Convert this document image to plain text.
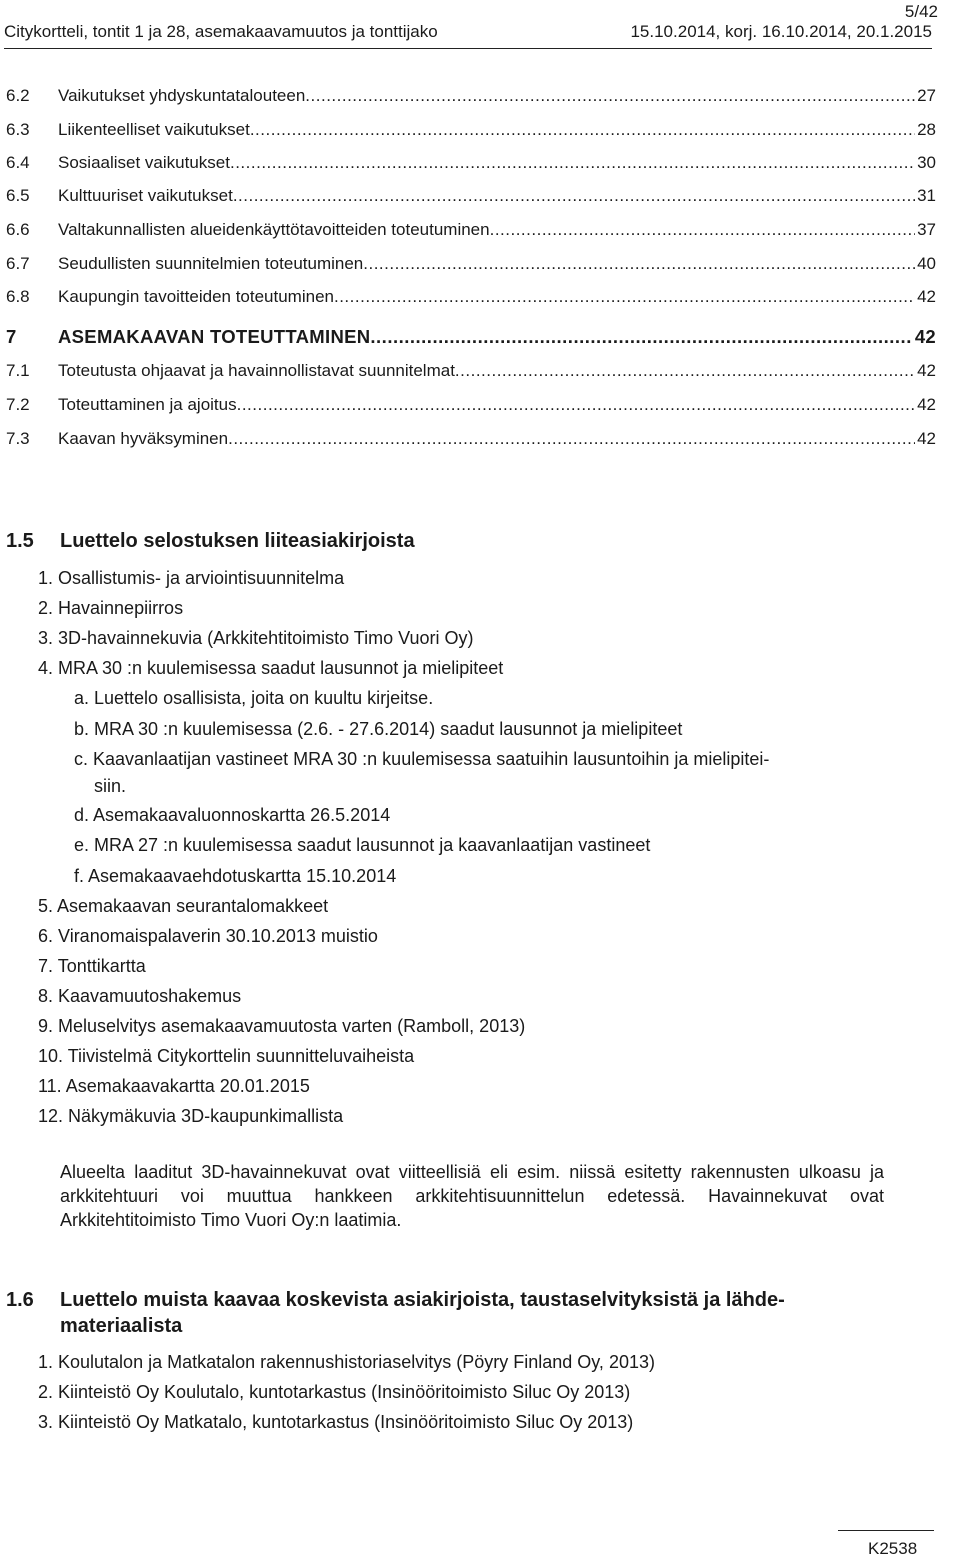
5/42
Citykortteli, tontit 1 ja 28, asemakaavamuutos ja tonttijako	15.10.2014, korj. 16.10.2014, 20.1.2015
6.2	Vaikutukset yhdyskuntatalouteen .....	27
6.3	Liikenteelliset vaikutukset .....	28
6.4	Sosiaaliset vaikutukset .....	30
6.5	Kulttuuriset vaikutukset .....	31
6.6	Valtakunnallisten alueidenkäyttötavoitteiden toteutuminen .....	37
6.7	Seudullisten suunnitelmien toteutuminen .....	40
6.8	Kaupungin tavoitteiden toteutuminen .....	42
7	ASEMAKAAVAN TOTEUTTAMINEN .....	42
7.1	Toteutusta ohjaavat ja havainnollistavat suunnitelmat .....	42
7.2	Toteuttaminen ja ajoitus .....	42
7.3	Kaavan hyväksyminen .....	42
1.5	Luettelo selostuksen liiteasiakirjoista
1. Osallistumis- ja arviointisuunnitelma
2. Havainnepiirros
3. 3D-havainnekuvia (Arkkitehtitoimisto Timo Vuori Oy)
4. MRA 30 :n kuulemisessa saadut lausunnot ja mielipiteet
a. Luettelo osallisista, joita on kuultu kirjeitse.
b. MRA 30 :n kuulemisessa (2.6. - 27.6.2014) saadut lausunnot ja mielipiteet
c. Kaavanlaatijan vastineet MRA 30 :n kuulemisessa saatuihin lausuntoihin ja mielipitei-
siin.
d. Asemakaavaluonnoskartta 26.5.2014
e. MRA 27 :n kuulemisessa saadut lausunnot ja kaavanlaatijan vastineet
f. Asemakaavaehdotuskartta 15.10.2014
5. Asemakaavan seurantalomakkeet
6. Viranomaispalaverin 30.10.2013 muistio
7. Tonttikartta
8. Kaavamuutoshakemus
9. Meluselvitys asemakaavamuutosta varten (Ramboll, 2013)
10. Tiivistelmä Citykorttelin suunnitteluvaiheista
11. Asemakaavakartta 20.01.2015
12. Näkymäkuvia 3D-kaupunkimallista
Alueelta laaditut 3D-havainnekuvat ovat viitteellisiä eli esim. niissä esitetty rakennusten ulkoasu ja arkkitehtuuri voi muuttua hankkeen arkkitehtisuunnittelun edetessä. Havainnekuvat ovat Arkkitehtitoimisto Timo Vuori Oy:n laatimia.
1.6	Luettelo muista kaavaa koskevista asiakirjoista, taustaselvityksistä ja lähde-
materiaalista
1. Koulutalon ja Matkatalon rakennushistoriaselvitys (Pöyry Finland Oy, 2013)
2. Kiinteistö Oy Koulutalo, kuntotarkastus (Insinööritoimisto Siluc Oy 2013)
3. Kiinteistö Oy Matkatalo, kuntotarkastus (Insinööritoimisto Siluc Oy 2013)
K2538
